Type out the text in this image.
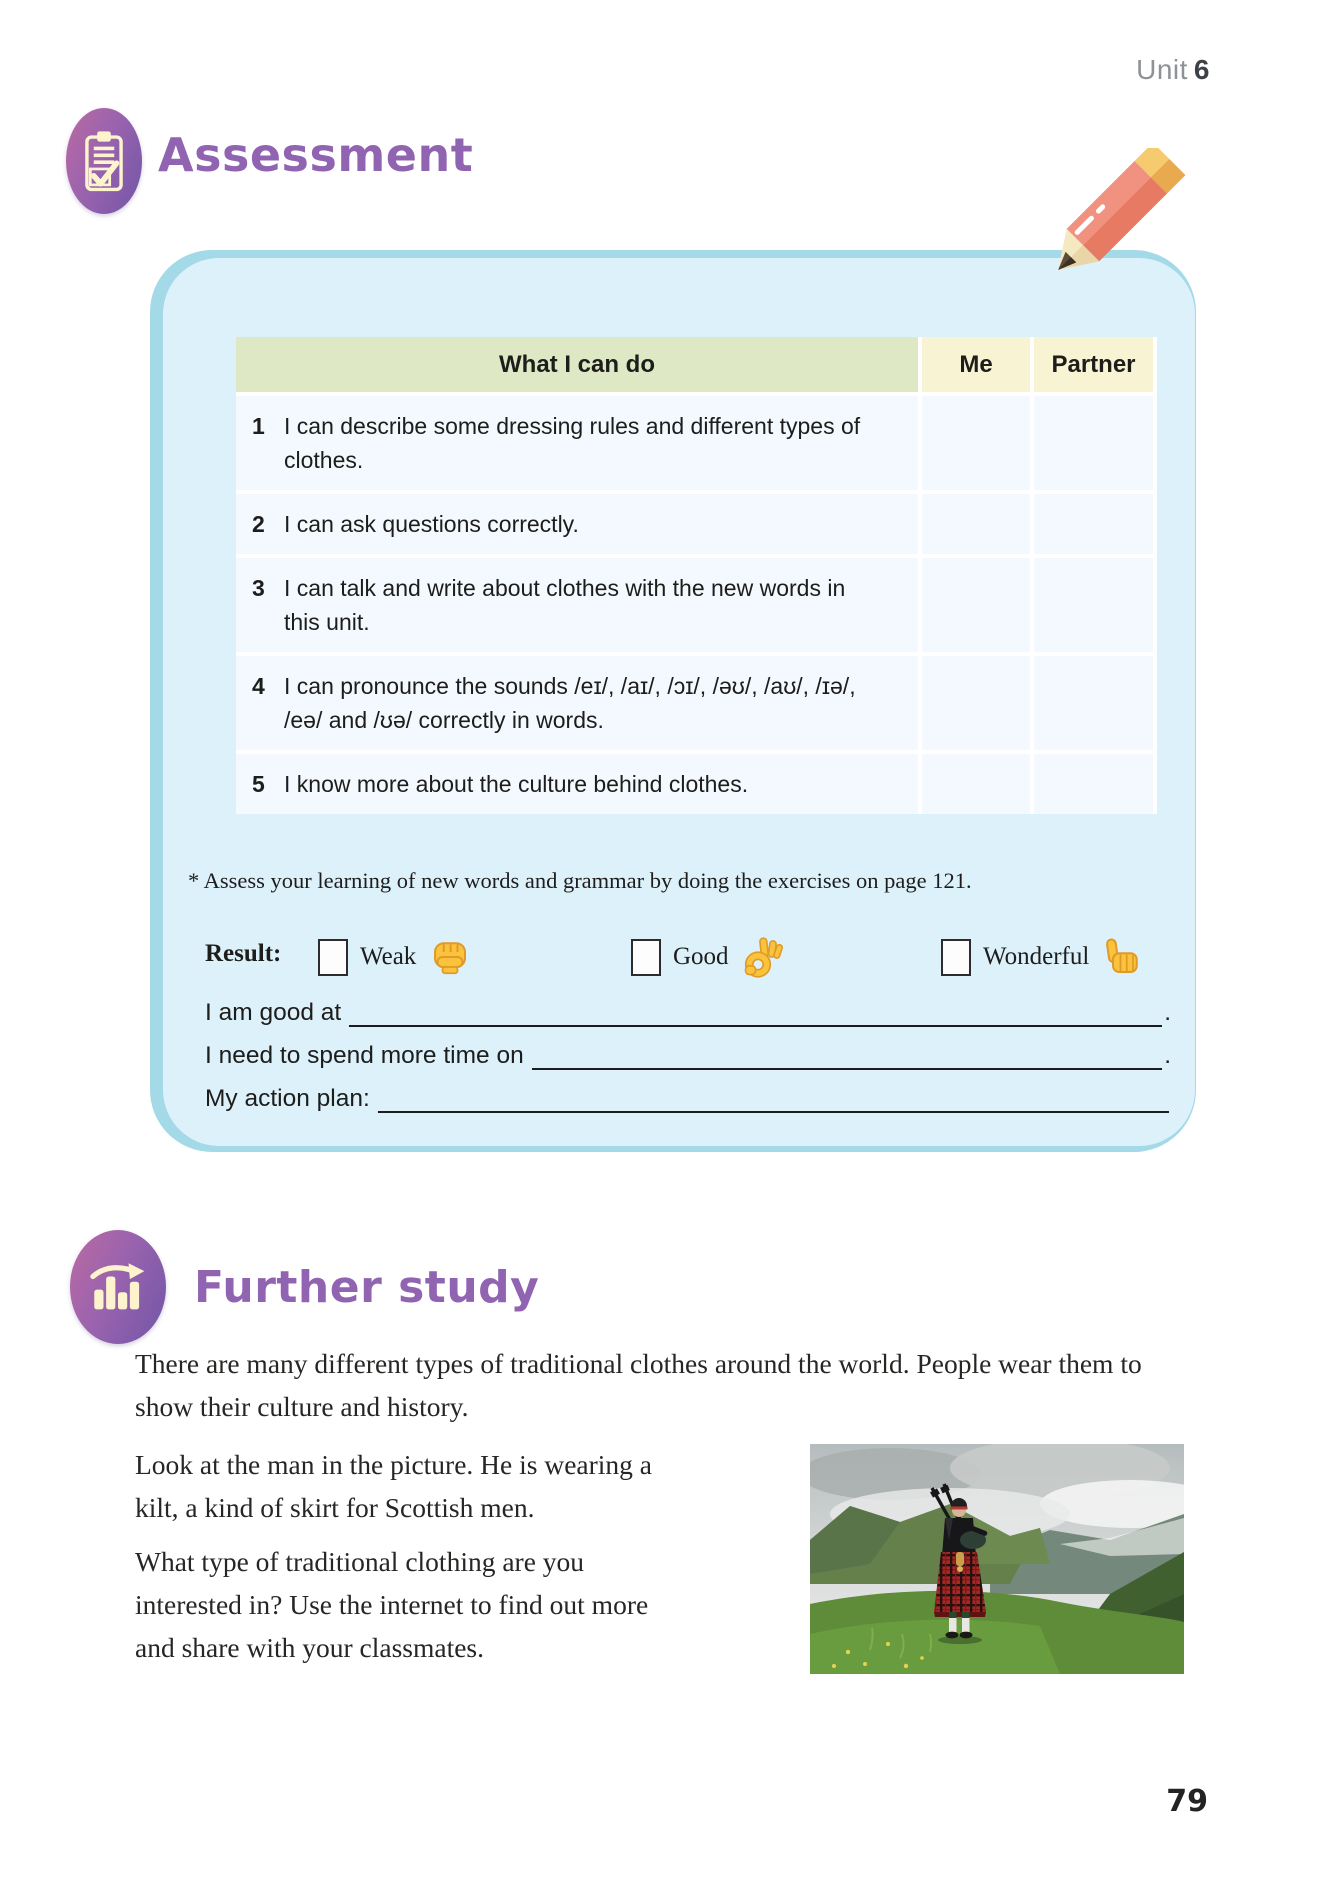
Unit 6
Assessment
What I can do	Me	Partner
1 I can describe some dressing rules and different types of clothes.
2 I can ask questions correctly.
3 I can talk and write about clothes with the new words in this unit.
4 I can pronounce the sounds /eɪ/, /aɪ/, /ɔɪ/, /əʊ/, /aʊ/, /ɪə/, /eə/ and /ʊə/ correctly in words.
5 I know more about the culture behind clothes.
* Assess your learning of new words and grammar by doing the exercises on page 121.
Result:	Weak	Good	Wonderful
I am good at	.
I need to spend more time on	.
My action plan:
Further study
There are many different types of traditional clothes around the world. People wear them to show their culture and history.
Look at the man in the picture. He is wearing a kilt, a kind of skirt for Scottish men.
What type of traditional clothing are you interested in? Use the internet to find out more and share with your classmates.
79
